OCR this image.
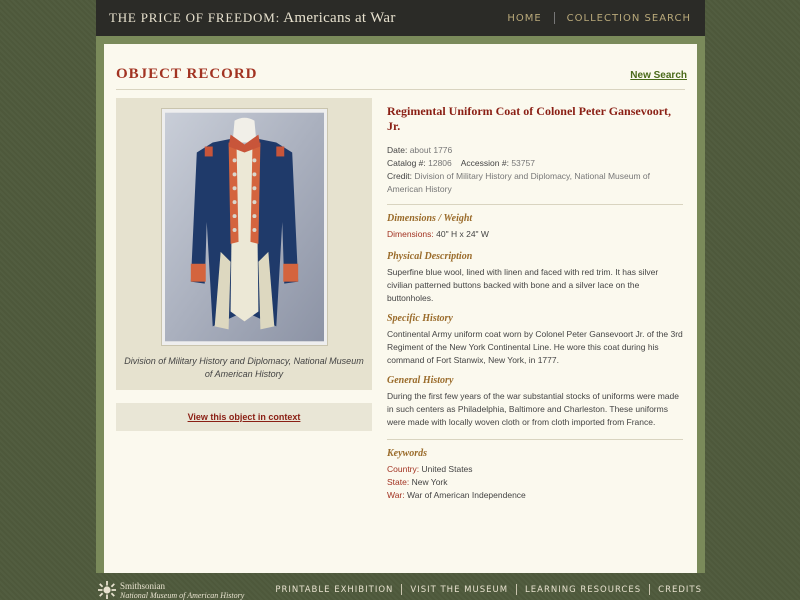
THE PRICE OF FREEDOM: Americans at War	HOME	COLLECTION SEARCH
OBJECT RECORD	New Search
Division of Military History and Diplomacy, National Museum of American History
View this object in context
Regimental Uniform Coat of Colonel Peter Gansevoort, Jr.
Date: about 1776
Catalog #: 12806 Accession #: 53757
Credit: Division of Military History and Diplomacy, National Museum of American History
Dimensions / Weight
Dimensions: 40" H x 24" W
Physical Description
Superfine blue wool, lined with linen and faced with red trim. It has silver civilian patterned buttons backed with bone and a silver lace on the buttonholes.
Specific History
Continental Army uniform coat worn by Colonel Peter Gansevoort Jr. of the 3rd Regiment of the New York Continental Line. He wore this coat during his command of Fort Stanwix, New York, in 1777.
General History
During the first few years of the war substantial stocks of uniforms were made in such centers as Philadelphia, Baltimore and Charleston. These uniforms were made with locally woven cloth or from cloth imported from France.
Keywords
Country: United States
State: New York
War: War of American Independence
Smithsonian
National Museum of American History
PRINTABLE EXHIBITION VISIT THE MUSEUM LEARNING RESOURCES CREDITS
